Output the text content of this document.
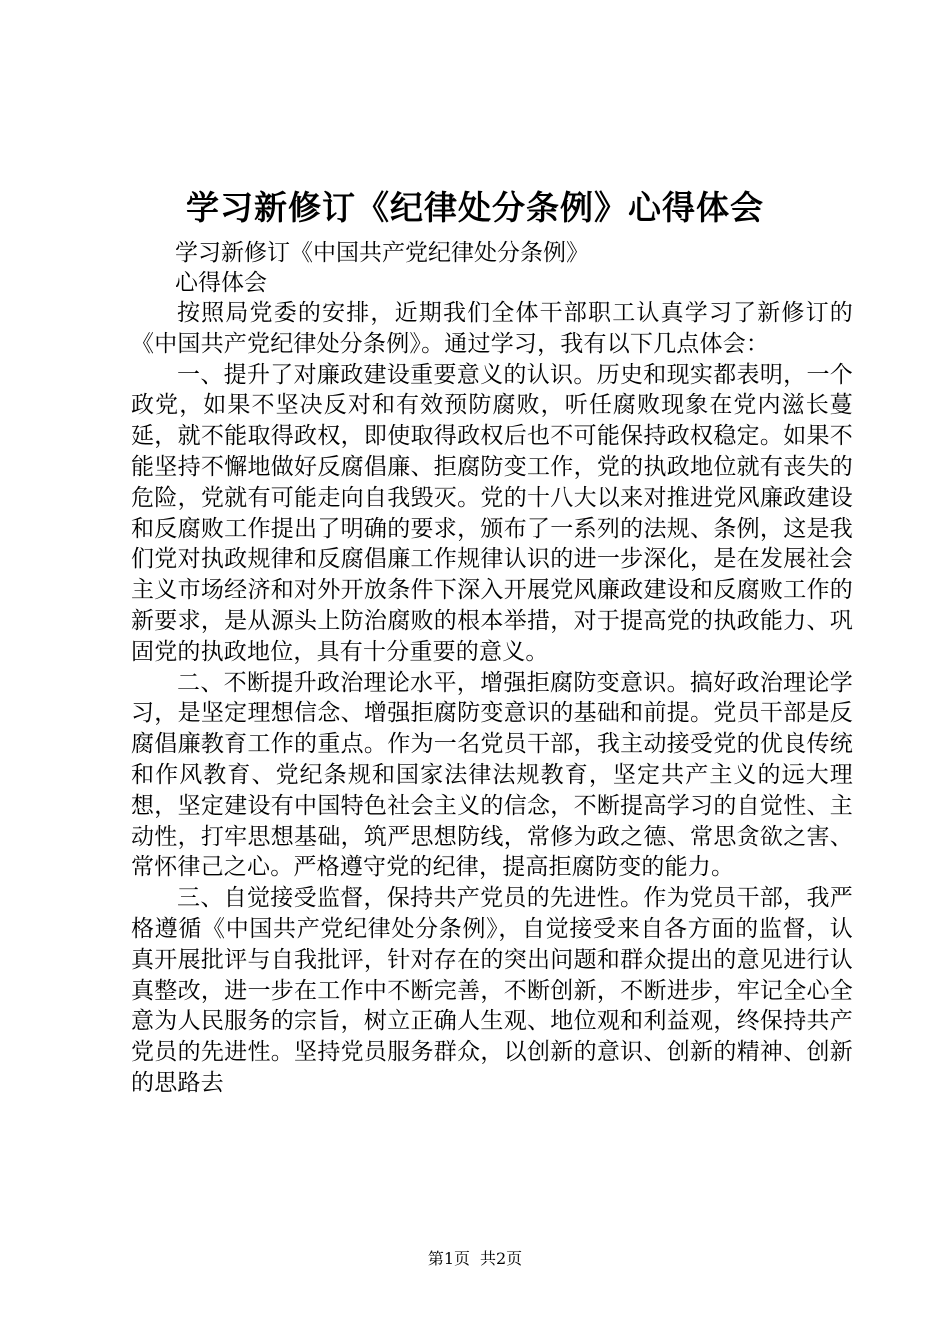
学习新修订《纪律处分条例》心得体会
学习新修订《中国共产党纪律处分条例》
心得体会

按照局党委的安排，近期我们全体干部职工认真学习了新修订的《中国共产党纪律处分条例》。通过学习，我有以下几点体会：

一、提升了对廉政建设重要意义的认识。历史和现实都表明，一个政党，如果不坚决反对和有效预防腐败，听任腐败现象在党内滋长蔓延，就不能取得政权，即使取得政权后也不可能保持政权稳定。如果不能坚持不懈地做好反腐倡廉、拒腐防变工作，党的执政地位就有丧失的危险，党就有可能走向自我毁灭。党的十八大以来对推进党风廉政建设和反腐败工作提出了明确的要求，颁布了一系列的法规、条例，这是我们党对执政规律和反腐倡廉工作规律认识的进一步深化，是在发展社会主义市场经济和对外开放条件下深入开展党风廉政建设和反腐败工作的新要求，是从源头上防治腐败的根本举措，对于提高党的执政能力、巩固党的执政地位，具有十分重要的意义。

二、不断提升政治理论水平，增强拒腐防变意识。搞好政治理论学习，是坚定理想信念、增强拒腐防变意识的基础和前提。党员干部是反腐倡廉教育工作的重点。作为一名党员干部，我主动接受党的优良传统和作风教育、党纪条规和国家法律法规教育，坚定共产主义的远大理想，坚定建设有中国特色社会主义的信念，不断提高学习的自觉性、主动性，打牢思想基础，筑严思想防线，常修为政之德、常思贪欲之害、常怀律己之心。严格遵守党的纪律，提高拒腐防变的能力。

三、自觉接受监督，保持共产党员的先进性。作为党员干部，我严格遵循《中国共产党纪律处分条例》，自觉接受来自各方面的监督，认真开展批评与自我批评，针对存在的突出问题和群众提出的意见进行认真整改，进一步在工作中不断完善，不断创新，不断进步，牢记全心全意为人民服务的宗旨，树立正确人生观、地位观和利益观，终保持共产党员的先进性。坚持党员服务群众，以创新的意识、创新的精神、创新的思路去

第1页 共2页
